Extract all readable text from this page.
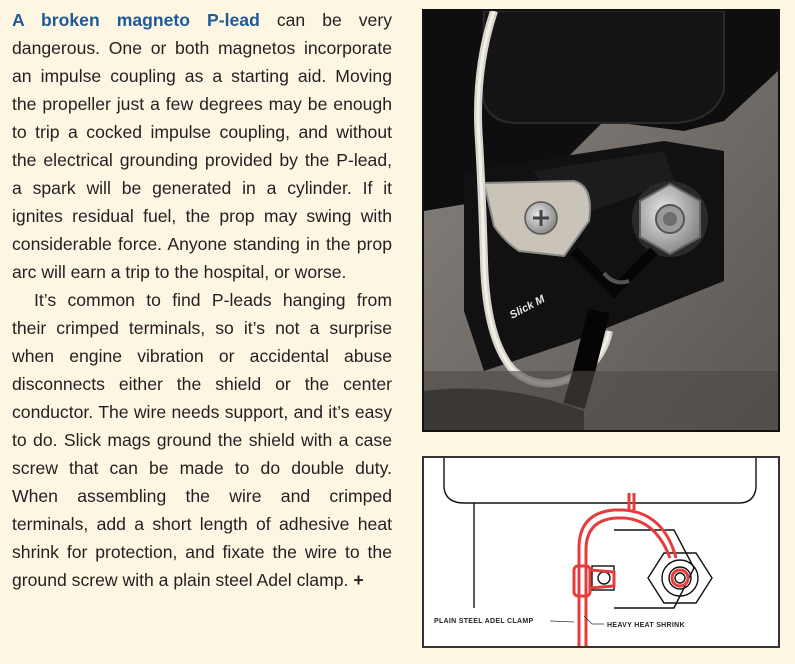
A broken magneto P-lead can be very dangerous. One or both magnetos incorporate an impulse coupling as a starting aid. Moving the propeller just a few degrees may be enough to trip a cocked impulse coupling, and without the electrical grounding provided by the P-lead, a spark will be generated in a cylinder. If it ignites residual fuel, the prop may swing with considerable force. Anyone standing in the prop arc will earn a trip to the hospital, or worse.

It’s common to find P-leads hanging from their crimped terminals, so it’s not a surprise when engine vibration or accidental abuse disconnects either the shield or the center conductor. The wire needs support, and it’s easy to do. Slick mags ground the shield with a case screw that can be made to do double duty. When assembling the wire and crimped terminals, add a short length of adhesive heat shrink for protection, and fixate the wire to the ground screw with a plain steel Adel clamp. +

Slick M
PLAIN STEEL ADEL CLAMP
HEAVY HEAT SHRINK
